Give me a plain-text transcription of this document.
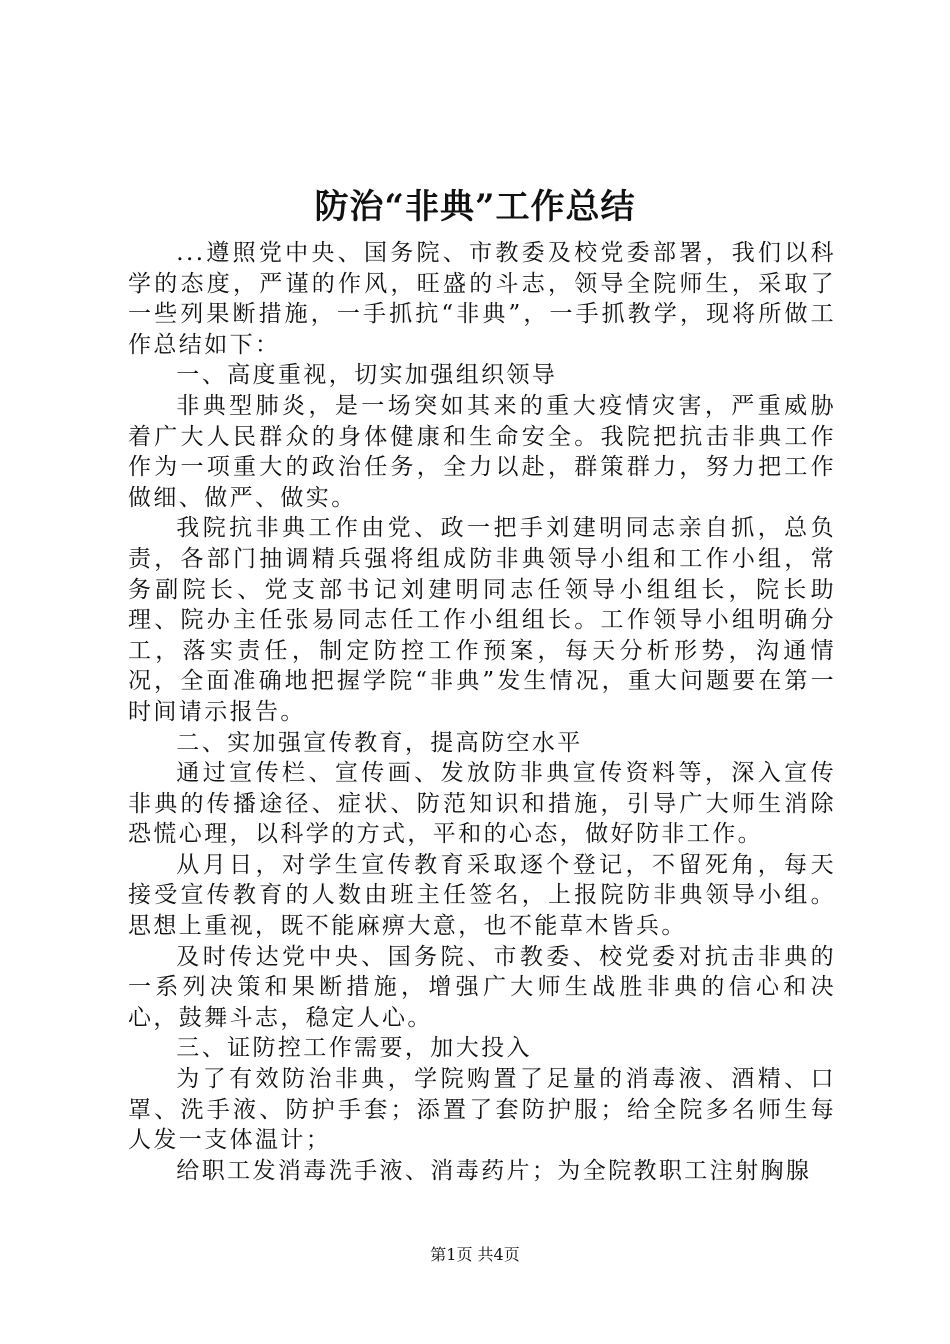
防治“非典”工作总结

...遵照党中央、国务院、市教委及校党委部署，我们以科学的态度，严谨的作风，旺盛的斗志，领导全院师生，采取了一些列果断措施，一手抓抗“非典”，一手抓教学，现将所做工作总结如下：

一、高度重视，切实加强组织领导

非典型肺炎，是一场突如其来的重大疫情灾害，严重威胁着广大人民群众的身体健康和生命安全。我院把抗击非典工作作为一项重大的政治任务，全力以赴，群策群力，努力把工作做细、做严、做实。

我院抗非典工作由党、政一把手刘建明同志亲自抓，总负责，各部门抽调精兵强将组成防非典领导小组和工作小组，常务副院长、党支部书记刘建明同志任领导小组组长，院长助理、院办主任张易同志任工作小组组长。工作领导小组明确分工，落实责任，制定防控工作预案，每天分析形势，沟通情况，全面准确地把握学院“非典”发生情况，重大问题要在第一时间请示报告。

二、实加强宣传教育，提高防空水平

通过宣传栏、宣传画、发放防非典宣传资料等，深入宣传非典的传播途径、症状、防范知识和措施，引导广大师生消除恐慌心理，以科学的方式，平和的心态，做好防非工作。

从月日，对学生宣传教育采取逐个登记，不留死角，每天接受宣传教育的人数由班主任签名，上报院防非典领导小组。思想上重视，既不能麻痹大意，也不能草木皆兵。

及时传达党中央、国务院、市教委、校党委对抗击非典的一系列决策和果断措施，增强广大师生战胜非典的信心和决心，鼓舞斗志，稳定人心。

三、证防控工作需要，加大投入

为了有效防治非典，学院购置了足量的消毒液、酒精、口罩、洗手液、防护手套；添置了套防护服；给全院多名师生每人发一支体温计；

给职工发消毒洗手液、消毒药片；为全院教职工注射胸腺

第1页 共4页
